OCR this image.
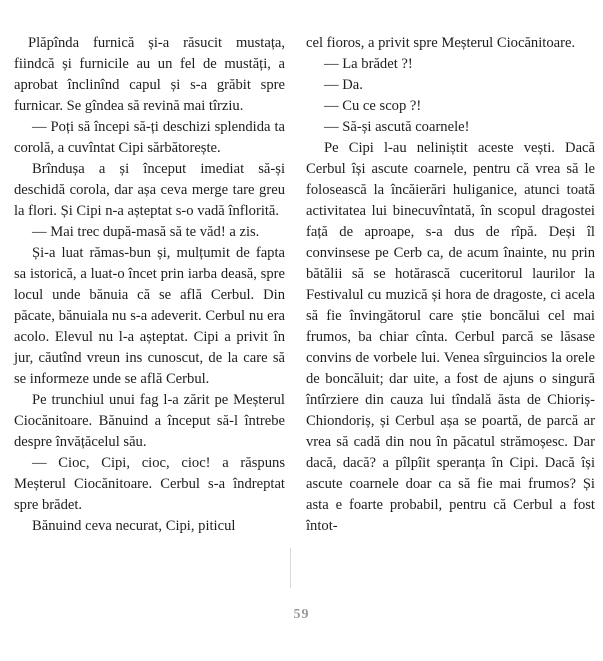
Plăpînda furnică și-a răsucit mustața, fiindcă și furnicile au un fel de mustăți, a aprobat înclinînd capul și s-a grăbit spre furnicar. Se gîndea să revină mai tîrziu.

— Poți să începi să-ți deschizi splendida ta corolă, a cuvîntat Cipi sărbătorește.

Brîndușa a și început imediat să-și deschidă corola, dar așa ceva merge tare greu la flori. Și Cipi n-a așteptat s-o vadă înflorită.

— Mai trec după-masă să te văd! a zis.

Și-a luat rămas-bun și, mulțumit de fapta sa istorică, a luat-o încet prin iarba deasă, spre locul unde bănuia că se află Cerbul. Din păcate, bănuiala nu s-a adeverit. Cerbul nu era acolo. Elevul nu l-a așteptat. Cipi a privit în jur, căutînd vreun ins cunoscut, de la care să se informeze unde se află Cerbul.

Pe trunchiul unui fag l-a zărit pe Meșterul Ciocănitoare. Bănuind a început să-l întrebe despre învățăcelul său.

— Cioc, Cipi, cioc, cioc! a răspuns Meșterul Ciocănitoare. Cerbul s-a îndreptat spre brădet.

Bănuind ceva necurat, Cipi, piticul

cel fioros, a privit spre Meșterul Ciocănitoare.

— La brădet ?!

— Da.

— Cu ce scop ?!

— Să-și ascută coarnele!

Pe Cipi l-au neliniștit aceste vești. Dacă Cerbul își ascute coarnele, pentru că vrea să le folosească la încăierări huliganice, atunci toată activitatea lui binecuvîntată, în scopul dragostei față de aproape, s-a dus de rîpă. Deși îl convinsese pe Cerb ca, de acum înainte, nu prin bătălii să se hotărască cuceritorul laurilor la Festivalul cu muzică și hora de dragoste, ci acela să fie învingătorul care știe boncălui cel mai frumos, ba chiar cînta. Cerbul parcă se lăsase convins de vorbele lui. Venea sîrguincios la orele de boncăluit; dar uite, a fost de ajuns o singură întîrziere din cauza lui tîndală ăsta de Chioriș-Chiondoriș, și Cerbul așa se poartă, de parcă ar vrea să cadă din nou în păcatul strămoșesc. Dar dacă, dacă? a pîlpîit speranța în Cipi. Dacă își ascute coarnele doar ca să fie mai frumos? Și asta e foarte probabil, pentru că Cerbul a fost întot-

59
